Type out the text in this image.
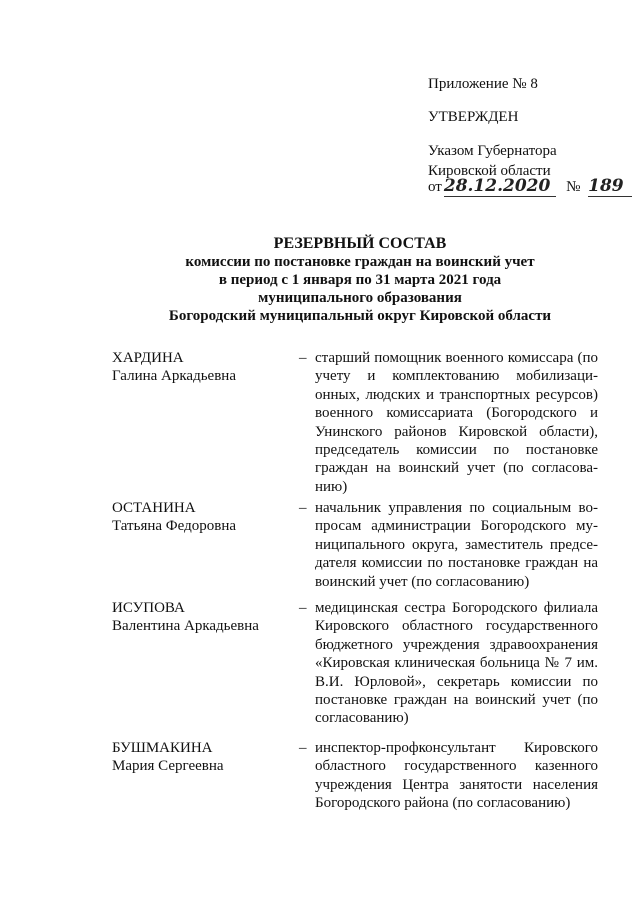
Приложение № 8
УТВЕРЖДЕН
Указом Губернатора
Кировской области
от 28.12.2020 № 189
РЕЗЕРВНЫЙ СОСТАВ
комиссии по постановке граждан на воинский учет
в период с 1 января по 31 марта 2021 года
муниципального образования
Богородский муниципальный округ Кировской области
ХАРДИНА
Галина Аркадьевна
– старший помощник военного комиссара (по учету и комплектованию мобилизаци-онных, людских и транспортных ресурсов) военного комиссариата (Богородского и Унинского районов Кировской области), председатель комиссии по постановке граждан на воинский учет (по согласова-нию)
ОСТАНИНА
Татьяна Федоровна
– начальник управления по социальным во-просам администрации Богородского му-ниципального округа, заместитель предсе-дателя комиссии по постановке граждан на воинский учет (по согласованию)
ИСУПОВА
Валентина Аркадьевна
– медицинская сестра Богородского филиала Кировского областного государственного бюджетного учреждения здравоохранения «Кировская клиническая больница № 7 им. В.И. Юрловой», секретарь комиссии по постановке граждан на воинский учет (по согласованию)
БУШМАКИНА
Мария Сергеевна
– инспектор-профконсультант Кировского областного государственного казенного учреждения Центра занятости населения Богородского района (по согласованию)
